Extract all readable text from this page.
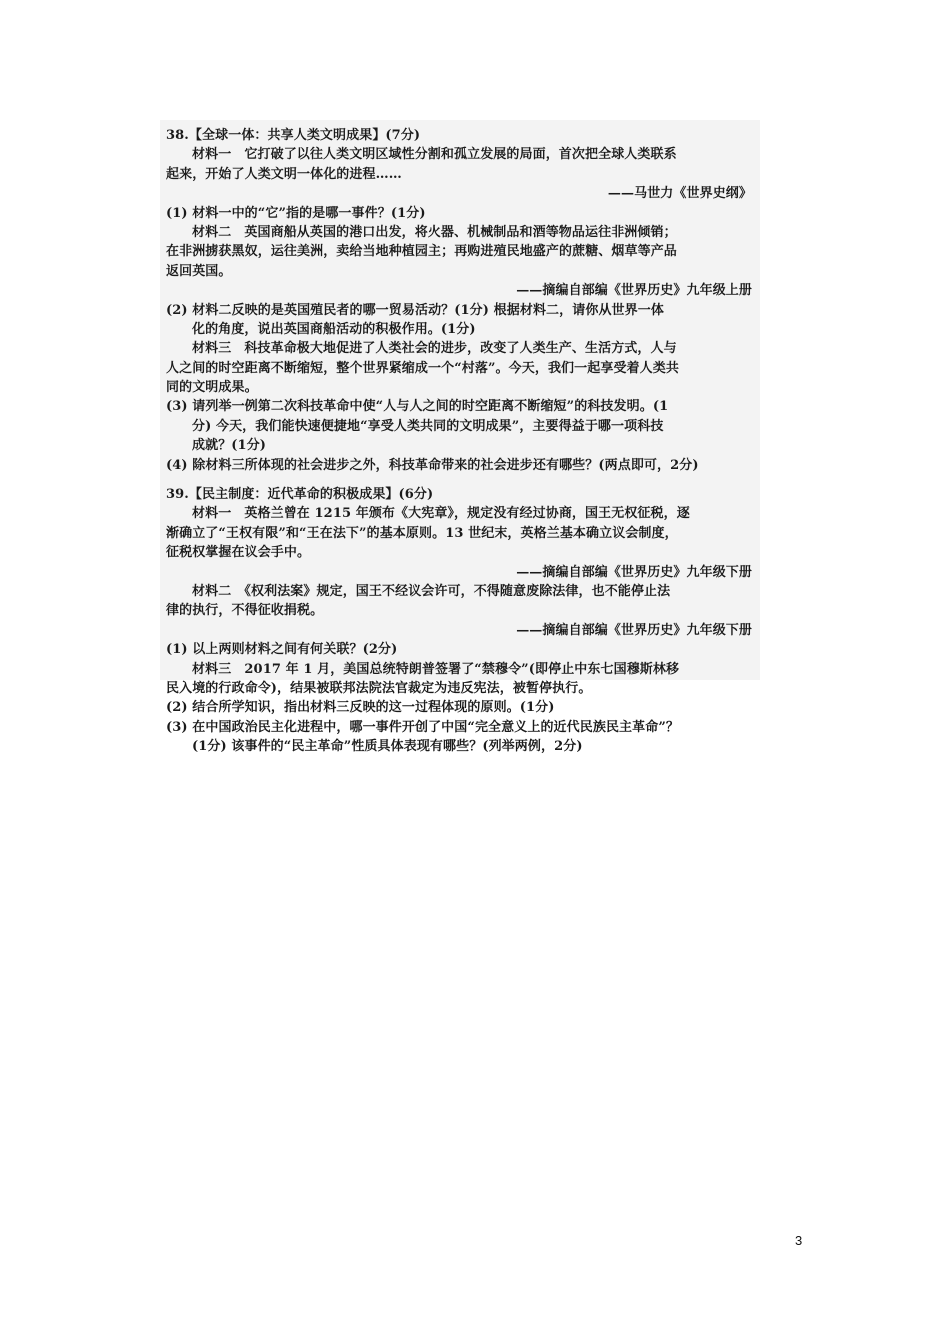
38.【全球一体：共享人类文明成果】(7分)
材料一　它打破了以往人类文明区域性分割和孤立发展的局面，首次把全球人类联系
起来，开始了人类文明一体化的进程……
——马世力《世界史纲》
(1) 材料一中的“它”指的是哪一事件？(1分)
材料二　英国商船从英国的港口出发，将火器、机械制品和酒等物品运往非洲倾销；
在非洲掳获黑奴，运往美洲，卖给当地种植园主；再购进殖民地盛产的蔗糖、烟草等产品
返回英国。
——摘编自部编《世界历史》九年级上册
(2) 材料二反映的是英国殖民者的哪一贸易活动？(1分) 根据材料二，请你从世界一体
化的角度，说出英国商船活动的积极作用。(1分)
材料三　科技革命极大地促进了人类社会的进步，改变了人类生产、生活方式，人与
人之间的时空距离不断缩短，整个世界紧缩成一个“村落”。今天，我们一起享受着人类共
同的文明成果。
(3) 请列举一例第二次科技革命中使“人与人之间的时空距离不断缩短”的科技发明。(1
分) 今天，我们能快速便捷地“享受人类共同的文明成果”，主要得益于哪一项科技
成就？(1分)
(4) 除材料三所体现的社会进步之外，科技革命带来的社会进步还有哪些？(两点即可，2分)
39.【民主制度：近代革命的积极成果】(6分)
材料一　英格兰曾在 1215 年颁布《大宪章》，规定没有经过协商，国王无权征税，逐
渐确立了“王权有限”和“王在法下”的基本原则。13 世纪末，英格兰基本确立议会制度，
征税权掌握在议会手中。
——摘编自部编《世界历史》九年级下册
材料二　《权利法案》规定，国王不经议会许可，不得随意废除法律，也不能停止法
律的执行，不得征收捐税。
——摘编自部编《世界历史》九年级下册
(1) 以上两则材料之间有何关联？(2分)
材料三　2017 年 1 月，美国总统特朗普签署了“禁穆令”(即停止中东七国穆斯林移
民入境的行政命令)，结果被联邦法院法官裁定为违反宪法，被暂停执行。
(2) 结合所学知识，指出材料三反映的这一过程体现的原则。(1分)
(3) 在中国政治民主化进程中，哪一事件开创了中国“完全意义上的近代民族民主革命”？
(1分) 该事件的“民主革命”性质具体表现有哪些？(列举两例，2分)
3
